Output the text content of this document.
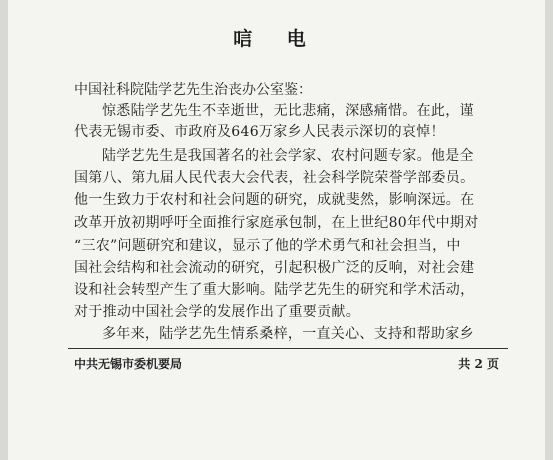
唁 电
中国社科院陆学艺先生治丧办公室鉴：
惊悉陆学艺先生不幸逝世，无比悲痛，深感痛惜。在此，谨
代表无锡市委、市政府及646万家乡人民表示深切的哀悼！
陆学艺先生是我国著名的社会学家、农村问题专家。他是全
国第八、第九届人民代表大会代表，社会科学院荣誉学部委员。
他一生致力于农村和社会问题的研究，成就斐然，影响深远。在
改革开放初期呼吁全面推行家庭承包制，在上世纪80年代中期对
“三农”问题研究和建议，显示了他的学术勇气和社会担当，中
国社会结构和社会流动的研究，引起积极广泛的反响，对社会建
设和社会转型产生了重大影响。陆学艺先生的研究和学术活动，
对于推动中国社会学的发展作出了重要贡献。
多年来，陆学艺先生情系桑梓，一直关心、支持和帮助家乡
中共无锡市委机要局	共 2 页
